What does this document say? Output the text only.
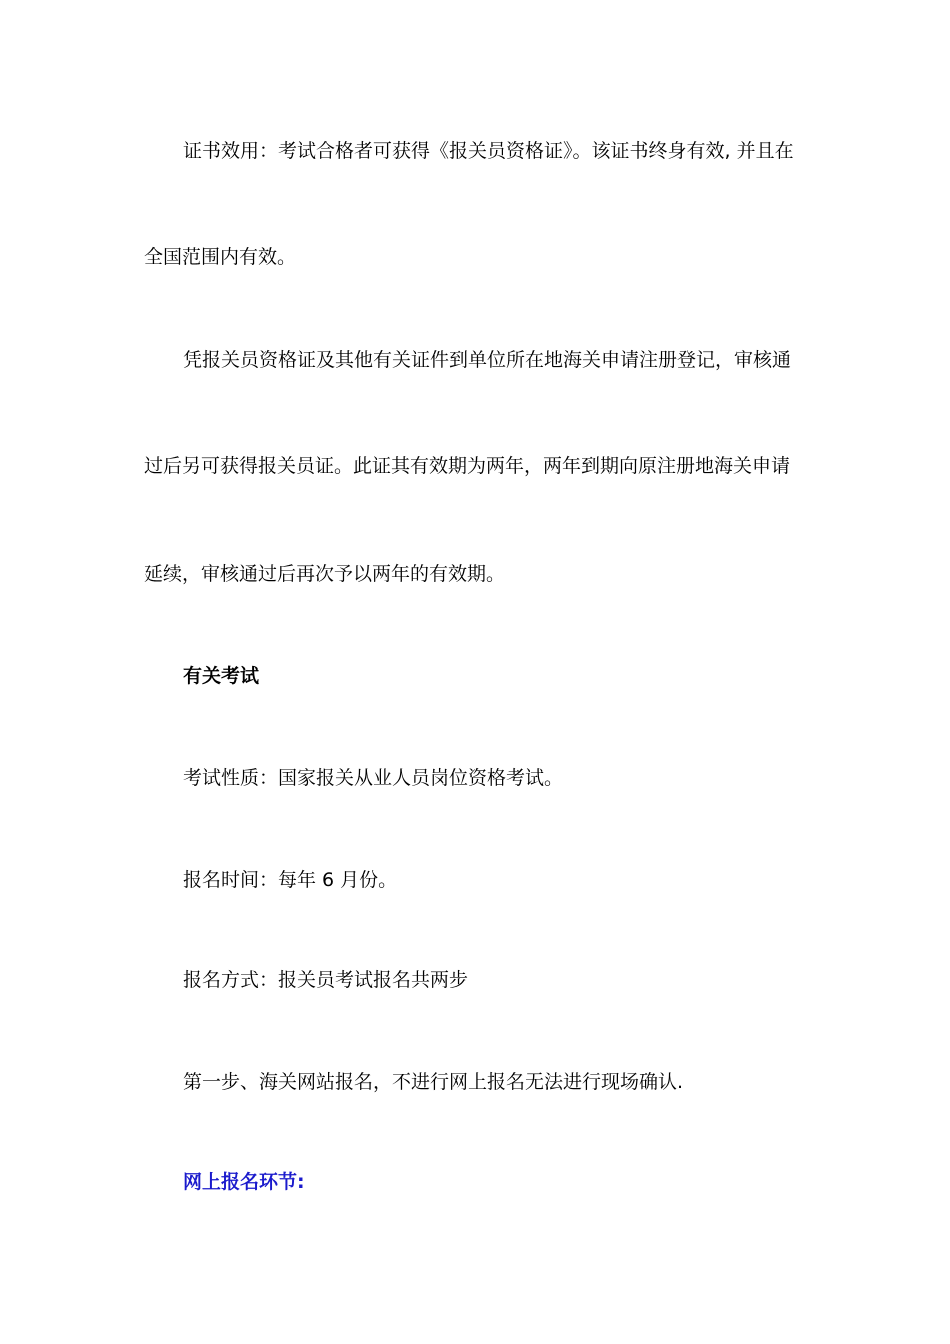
证书效用：考试合格者可获得《报关员资格证》。该证书终身有效, 并且在
全国范围内有效。
凭报关员资格证及其他有关证件到单位所在地海关申请注册登记，审核通
过后另可获得报关员证。此证其有效期为两年，两年到期向原注册地海关申请
延续，审核通过后再次予以两年的有效期。
有关考试
考试性质：国家报关从业人员岗位资格考试。
报名时间：每年 6 月份。
报名方式：报关员考试报名共两步
第一步、海关网站报名，不进行网上报名无法进行现场确认.
网上报名环节:
